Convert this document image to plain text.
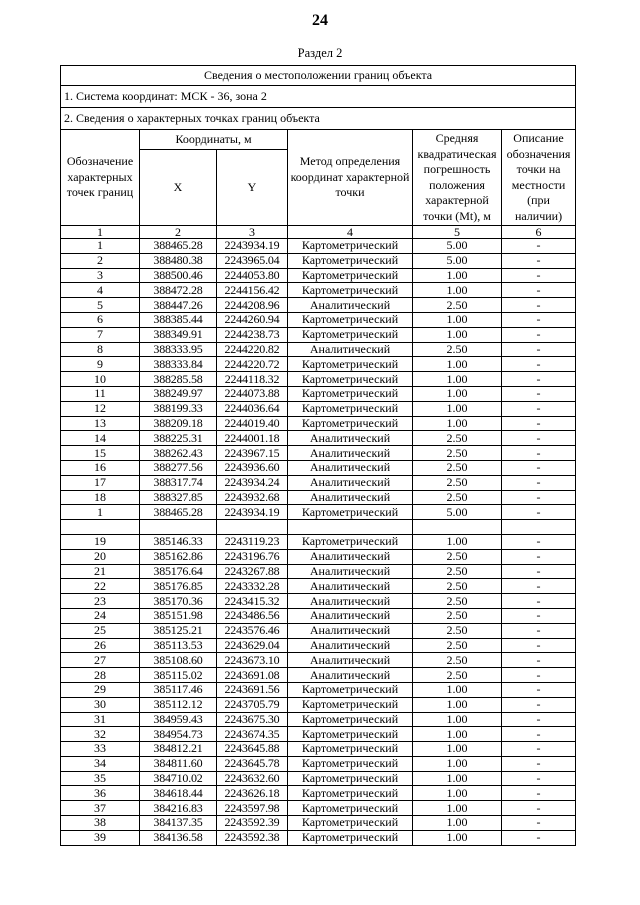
24
Раздел 2
Сведения о местоположении границ объекта					
1. Система координат: МСК - 36, зона 2					
2. Сведения о характерных точках границ объекта					
Обозначение характерных точек границ	Координаты, м		Метод определения координат характерной точки	Средняя квадратическая погрешность положения характерной точки (Mt), м	Описание обозначения точки на местности (при наличии)
	X	Y			
1	2	3	4	5	6
1	388465.28	2243934.19	Картометрический	5.00	-
2	388480.38	2243965.04	Картометрический	5.00	-
3	388500.46	2244053.80	Картометрический	1.00	-
4	388472.28	2244156.42	Картометрический	1.00	-
5	388447.26	2244208.96	Аналитический	2.50	-
6	388385.44	2244260.94	Картометрический	1.00	-
7	388349.91	2244238.73	Картометрический	1.00	-
8	388333.95	2244220.82	Аналитический	2.50	-
9	388333.84	2244220.72	Картометрический	1.00	-
10	388285.58	2244118.32	Картометрический	1.00	-
11	388249.97	2244073.88	Картометрический	1.00	-
12	388199.33	2244036.64	Картометрический	1.00	-
13	388209.18	2244019.40	Картометрический	1.00	-
14	388225.31	2244001.18	Аналитический	2.50	-
15	388262.43	2243967.15	Аналитический	2.50	-
16	388277.56	2243936.60	Аналитический	2.50	-
17	388317.74	2243934.24	Аналитический	2.50	-
18	388327.85	2243932.68	Аналитический	2.50	-
1	388465.28	2243934.19	Картометрический	5.00	-

19	385146.33	2243119.23	Картометрический	1.00	-
20	385162.86	2243196.76	Аналитический	2.50	-
21	385176.64	2243267.88	Аналитический	2.50	-
22	385176.85	2243332.28	Аналитический	2.50	-
23	385170.36	2243415.32	Аналитический	2.50	-
24	385151.98	2243486.56	Аналитический	2.50	-
25	385125.21	2243576.46	Аналитический	2.50	-
26	385113.53	2243629.04	Аналитический	2.50	-
27	385108.60	2243673.10	Аналитический	2.50	-
28	385115.02	2243691.08	Аналитический	2.50	-
29	385117.46	2243691.56	Картометрический	1.00	-
30	385112.12	2243705.79	Картометрический	1.00	-
31	384959.43	2243675.30	Картометрический	1.00	-
32	384954.73	2243674.35	Картометрический	1.00	-
33	384812.21	2243645.88	Картометрический	1.00	-
34	384811.60	2243645.78	Картометрический	1.00	-
35	384710.02	2243632.60	Картометрический	1.00	-
36	384618.44	2243626.18	Картометрический	1.00	-
37	384216.83	2243597.98	Картометрический	1.00	-
38	384137.35	2243592.39	Картометрический	1.00	-
39	384136.58	2243592.38	Картометрический	1.00	-
